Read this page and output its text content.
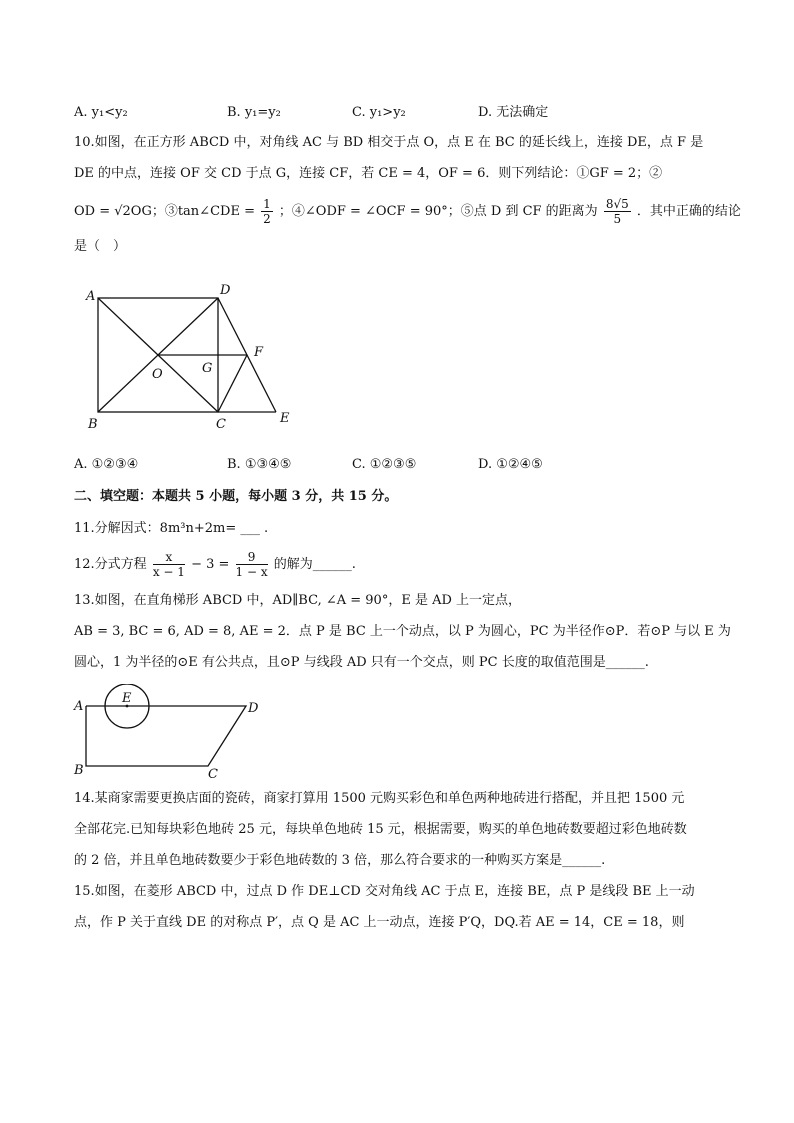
A. y₁<y₂	B. y₁=y₂	C. y₁>y₂	D. 无法确定
10.如图，在正方形 ABCD 中，对角线 AC 与 BD 相交于点 O，点 E 在 BC 的延长线上，连接 DE，点 F 是
DE 的中点，连接 OF 交 CD 于点 G，连接 CF，若 CE = 4，OF = 6．则下列结论：①GF = 2；②
OD = √2OG；③tan∠CDE = $\frac{1}{2}$ ；④∠ODF = ∠OCF = 90°；⑤点 D 到 CF 的距离为 $\frac{8√5}{5}$ ．其中正确的结论
是（　）
A	D
F
O	G
B	C	E
A. ①②③④	B. ①③④⑤	C. ①②③⑤	D. ①②④⑤
二、填空题：本题共 5 小题，每小题 3 分，共 15 分。
11.分解因式：8m³n+2m= ___ .
12.分式方程 $\frac{x}{x - 1} - 3 = \frac{9}{1 - x}$ 的解为______.
13.如图，在直角梯形 ABCD 中，AD∥BC, ∠A = 90°，E 是 AD 上一定点，
AB = 3, BC = 6, AD = 8, AE = 2．点 P 是 BC 上一个动点，以 P 为圆心，PC 为半径作⊙P．若⊙P 与以 E 为
圆心，1 为半径的⊙E 有公共点，且⊙P 与线段 AD 只有一个交点，则 PC 长度的取值范围是______.
A
E
D
B	C
14.某商家需要更换店面的瓷砖，商家打算用 1500 元购买彩色和单色两种地砖进行搭配，并且把 1500 元
全部花完.已知每块彩色地砖 25 元，每块单色地砖 15 元，根据需要，购买的单色地砖数要超过彩色地砖数
的 2 倍，并且单色地砖数要少于彩色地砖数的 3 倍，那么符合要求的一种购买方案是______.
15.如图，在菱形 ABCD 中，过点 D 作 DE⊥CD 交对角线 AC 于点 E，连接 BE，点 P 是线段 BE 上一动
点，作 P 关于直线 DE 的对称点 P′，点 Q 是 AC 上一动点，连接 P′Q，DQ.若 AE = 14，CE = 18，则
